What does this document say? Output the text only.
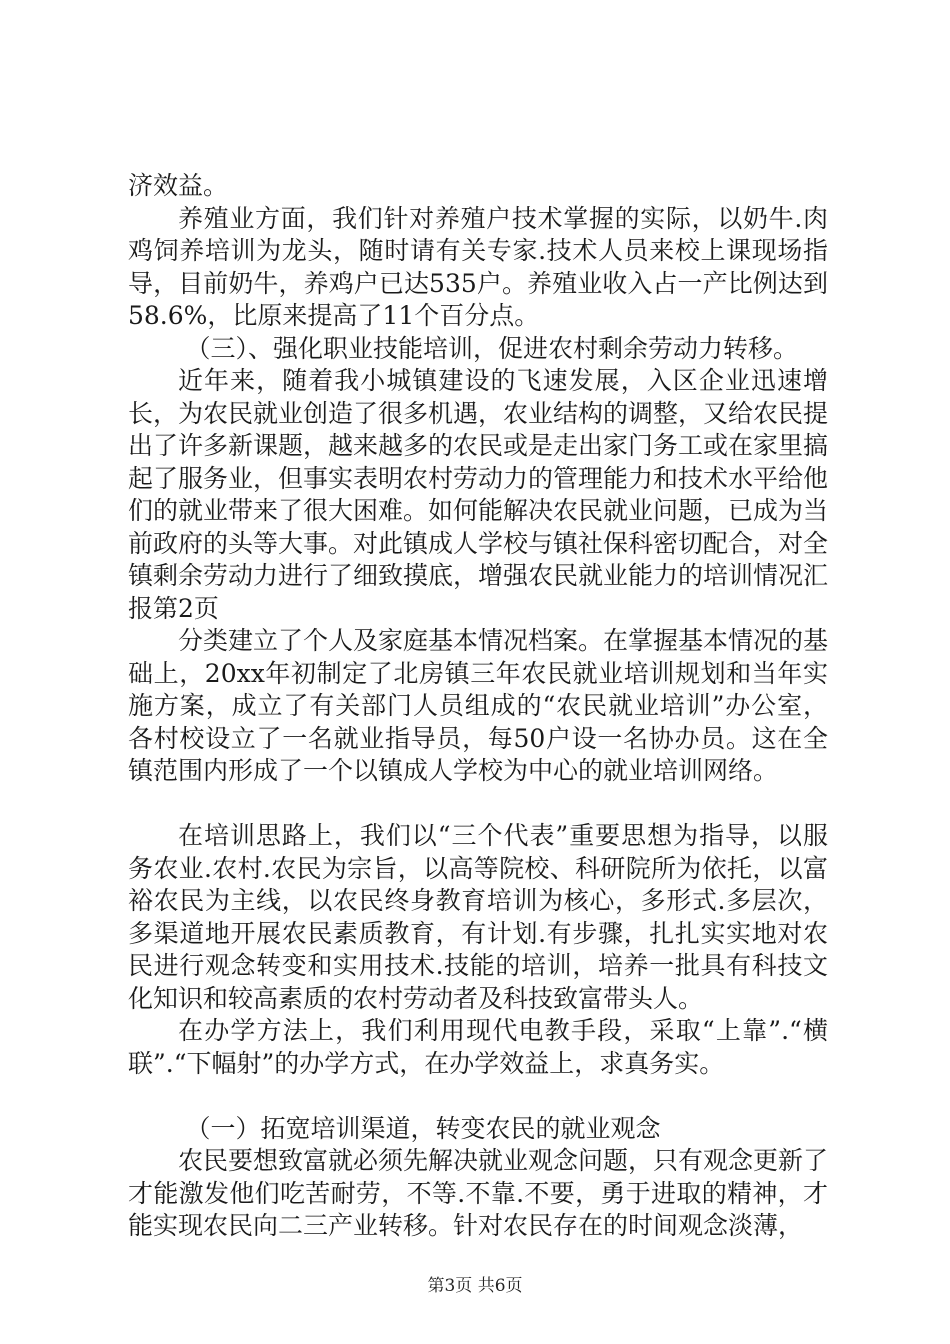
济效益。

养殖业方面，我们针对养殖户技术掌握的实际，以奶牛.肉鸡饲养培训为龙头，随时请有关专家.技术人员来校上课现场指导，目前奶牛，养鸡户已达535户。养殖业收入占一产比例达到58.6%，比原来提高了11个百分点。

（三）、强化职业技能培训，促进农村剩余劳动力转移。

近年来，随着我小城镇建设的飞速发展，入区企业迅速增长，为农民就业创造了很多机遇，农业结构的调整，又给农民提出了许多新课题，越来越多的农民或是走出家门务工或在家里搞起了服务业，但事实表明农村劳动力的管理能力和技术水平给他们的就业带来了很大困难。如何能解决农民就业问题，已成为当前政府的头等大事。对此镇成人学校与镇社保科密切配合，对全镇剩余劳动力进行了细致摸底，增强农民就业能力的培训情况汇报第2页

分类建立了个人及家庭基本情况档案。在掌握基本情况的基础上，20xx年初制定了北房镇三年农民就业培训规划和当年实施方案，成立了有关部门人员组成的“农民就业培训”办公室，各村校设立了一名就业指导员，每50户设一名协办员。这在全镇范围内形成了一个以镇成人学校为中心的就业培训网络。

在培训思路上，我们以“三个代表”重要思想为指导，以服务农业.农村.农民为宗旨，以高等院校、科研院所为依托，以富裕农民为主线，以农民终身教育培训为核心，多形式.多层次，多渠道地开展农民素质教育，有计划.有步骤，扎扎实实地对农民进行观念转变和实用技术.技能的培训，培养一批具有科技文化知识和较高素质的农村劳动者及科技致富带头人。

在办学方法上，我们利用现代电教手段，采取“上靠”.“横联”.“下幅射”的办学方式，在办学效益上，求真务实。

（一）拓宽培训渠道，转变农民的就业观念

农民要想致富就必须先解决就业观念问题，只有观念更新了才能激发他们吃苦耐劳，不等.不靠.不要，勇于进取的精神，才能实现农民向二三产业转移。针对农民存在的时间观念淡薄，

第3页 共6页
